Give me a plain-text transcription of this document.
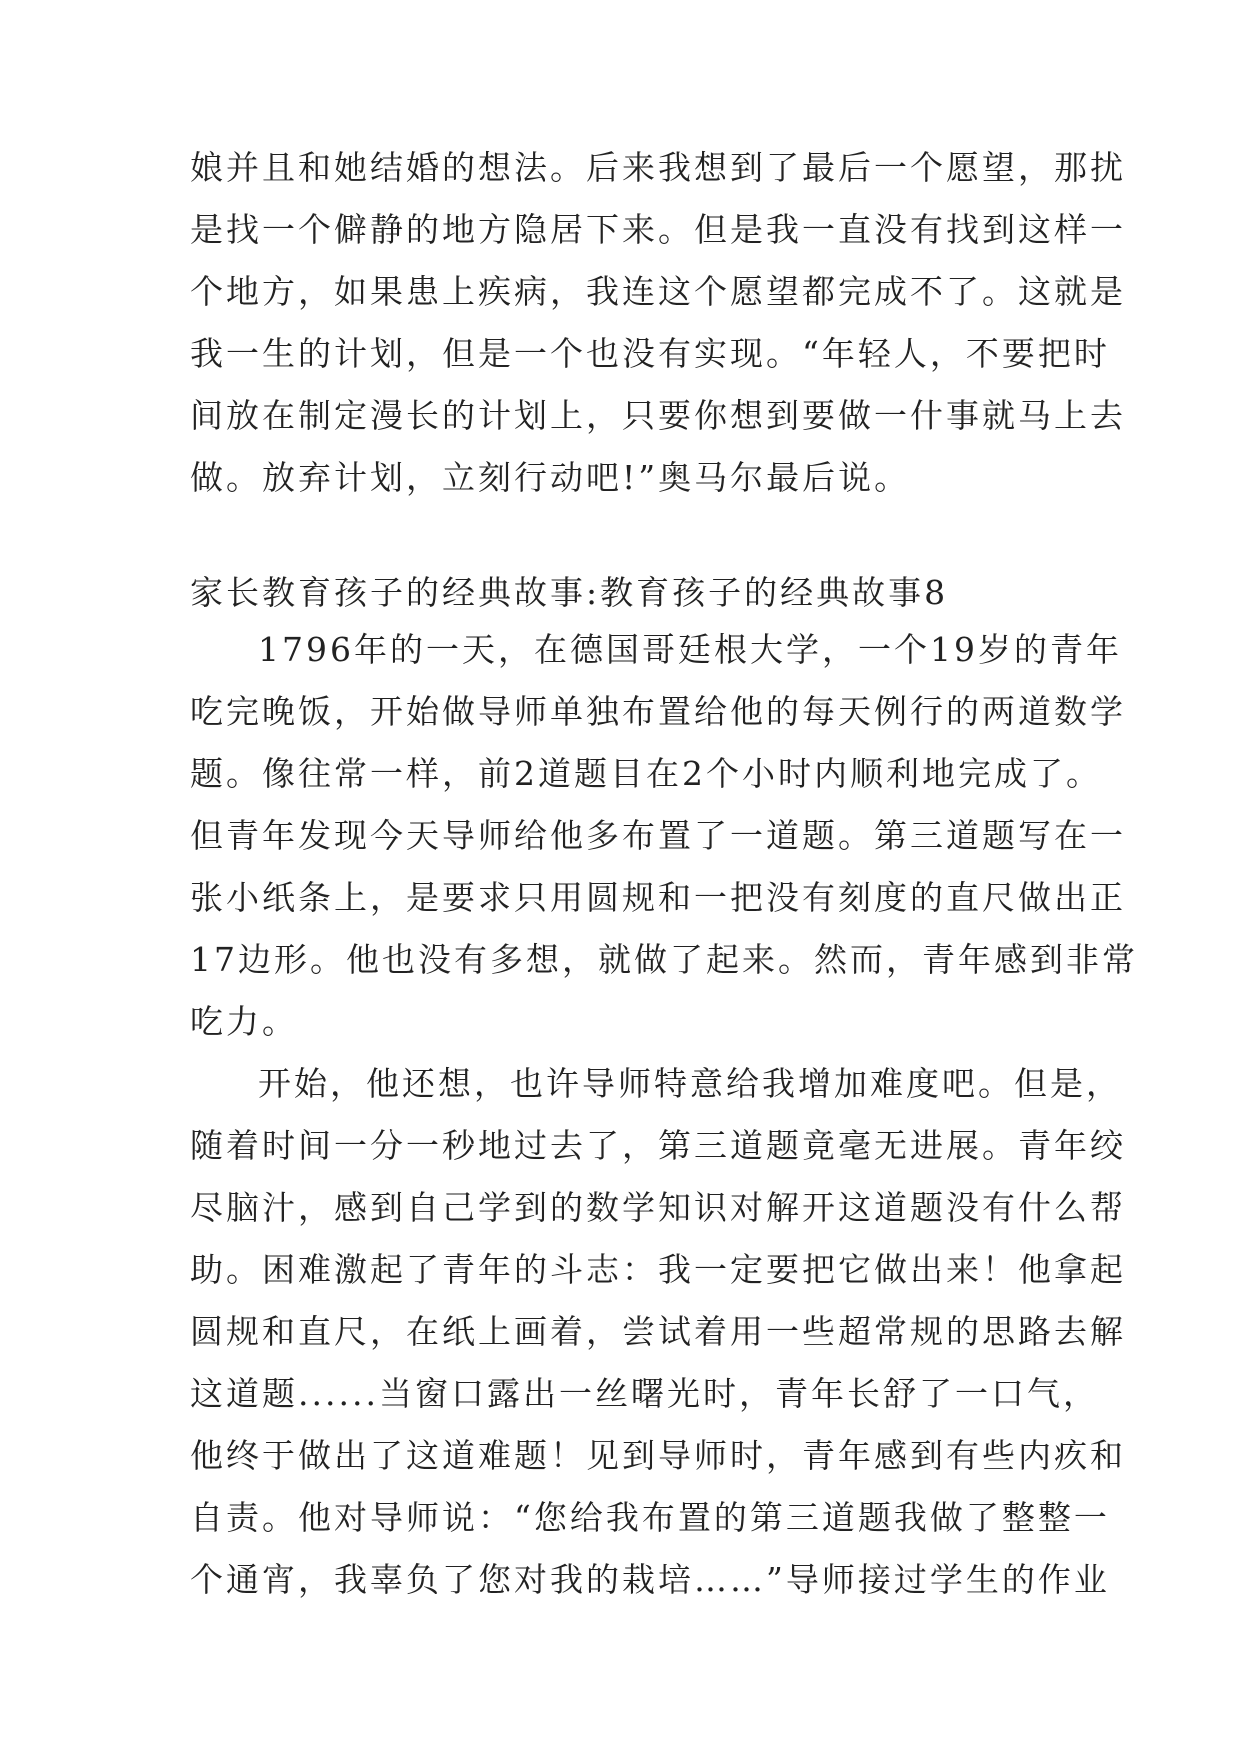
娘并且和她结婚的想法。后来我想到了最后一个愿望，那扰
是找一个僻静的地方隐居下来。但是我一直没有找到这样一
个地方，如果患上疾病，我连这个愿望都完成不了。这就是
我一生的计划，但是一个也没有实现。“年轻人，不要把时
间放在制定漫长的计划上，只要你想到要做一什事就马上去
做。放弃计划，立刻行动吧!”奥马尔最后说。
家长教育孩子的经典故事:教育孩子的经典故事8
1796年的一天，在德国哥廷根大学，一个19岁的青年
吃完晚饭，开始做导师单独布置给他的每天例行的两道数学
题。像往常一样，前2道题目在2个小时内顺利地完成了。
但青年发现今天导师给他多布置了一道题。第三道题写在一
张小纸条上，是要求只用圆规和一把没有刻度的直尺做出正
17边形。他也没有多想，就做了起来。然而，青年感到非常
吃力。
开始，他还想，也许导师特意给我增加难度吧。但是，
随着时间一分一秒地过去了，第三道题竟毫无进展。青年绞
尽脑汁，感到自己学到的数学知识对解开这道题没有什么帮
助。困难激起了青年的斗志：我一定要把它做出来！他拿起
圆规和直尺，在纸上画着，尝试着用一些超常规的思路去解
这道题......当窗口露出一丝曙光时，青年长舒了一口气，
他终于做出了这道难题！见到导师时，青年感到有些内疚和
自责。他对导师说：“您给我布置的第三道题我做了整整一
个通宵，我辜负了您对我的栽培……”导师接过学生的作业
